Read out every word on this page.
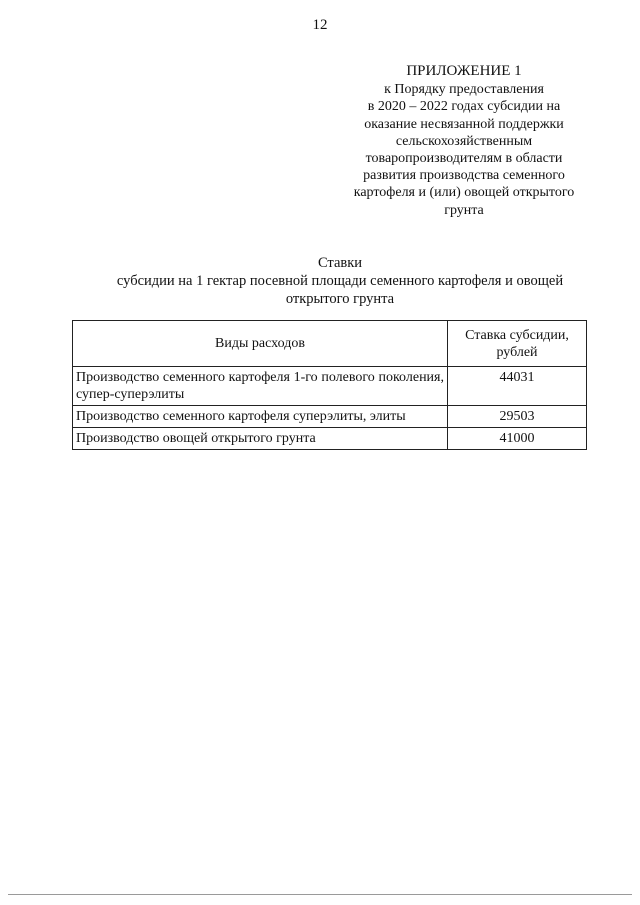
12
ПРИЛОЖЕНИЕ 1
к Порядку предоставления
в 2020 – 2022 годах субсидии на
оказание несвязанной поддержки
сельскохозяйственным
товаропроизводителям в области
развития производства семенного
картофеля и (или) овощей открытого
грунта
Ставки
субсидии на 1 гектар посевной площади семенного картофеля и овощей
открытого грунта
Виды расходов	Ставка субсидии, рублей
Производство семенного картофеля 1-го полевого поколения, супер-суперэлиты	44031
Производство семенного картофеля суперэлиты, элиты	29503
Производство овощей открытого грунта	41000
